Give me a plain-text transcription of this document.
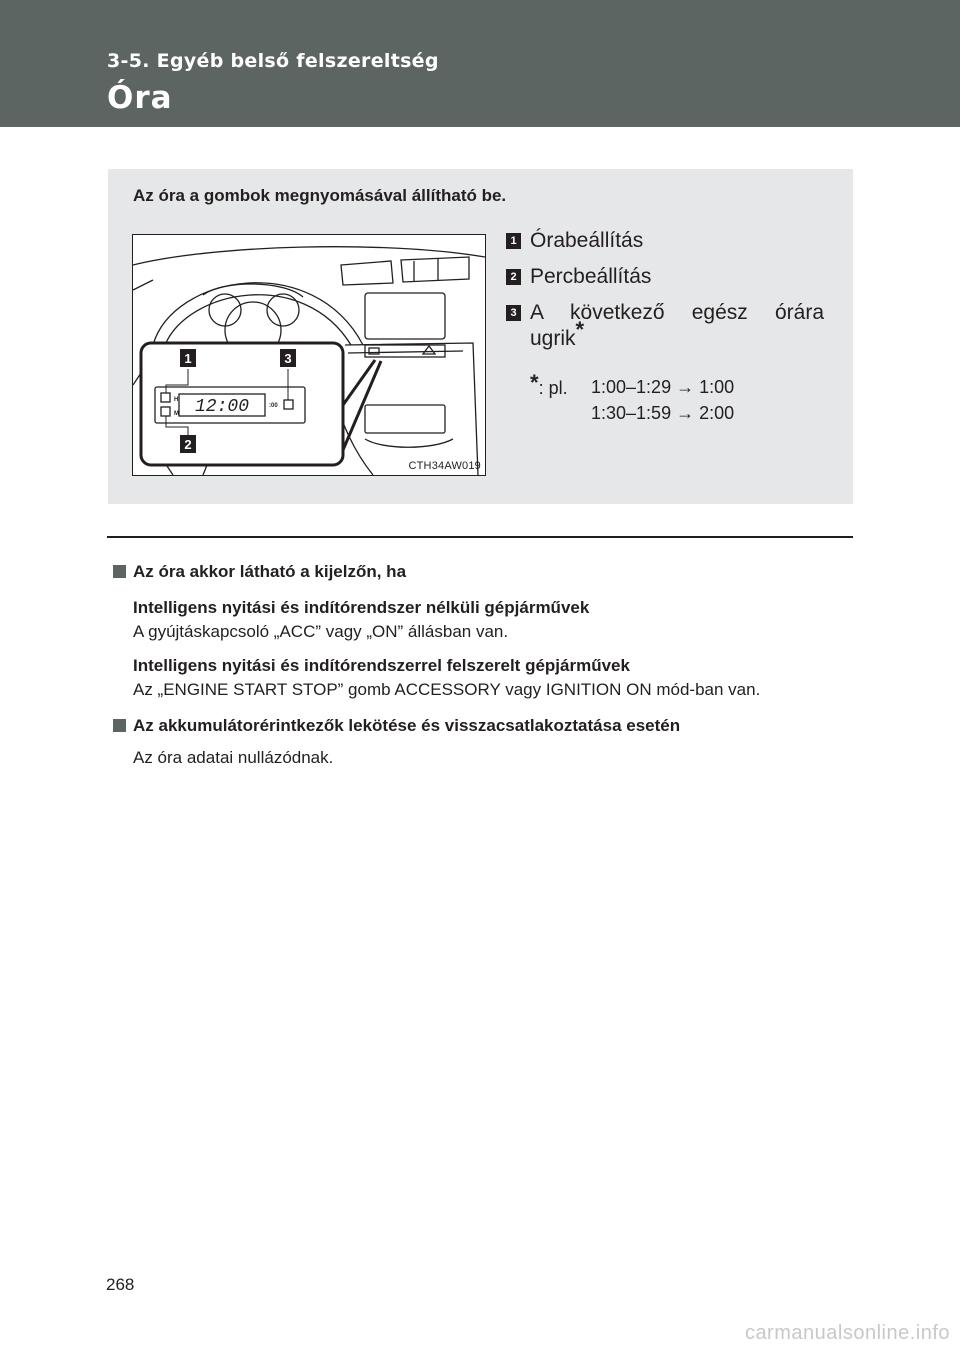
3-5. Egyéb belső felszereltség
Óra
Az óra a gombok megnyomásával állítható be.
12:00
H
M
:00
1	3
2
CTH34AW019
1 Órabeállítás
2 Percbeállítás
3 A következő egész órára
ugrik*
*: pl. 1:00–1:29 → 1:00
1:30–1:59 → 2:00
Az óra akkor látható a kijelzőn, ha
Intelligens nyitási és indítórendszer nélküli gépjárművek
A gyújtáskapcsoló „ACC” vagy „ON” állásban van.
Intelligens nyitási és indítórendszerrel felszerelt gépjárművek
Az „ENGINE START STOP” gomb ACCESSORY vagy IGNITION ON mód-ban van.
Az akkumulátorérintkezők lekötése és visszacsatlakoztatása esetén
Az óra adatai nullázódnak.
268
carmanualsonline.info
